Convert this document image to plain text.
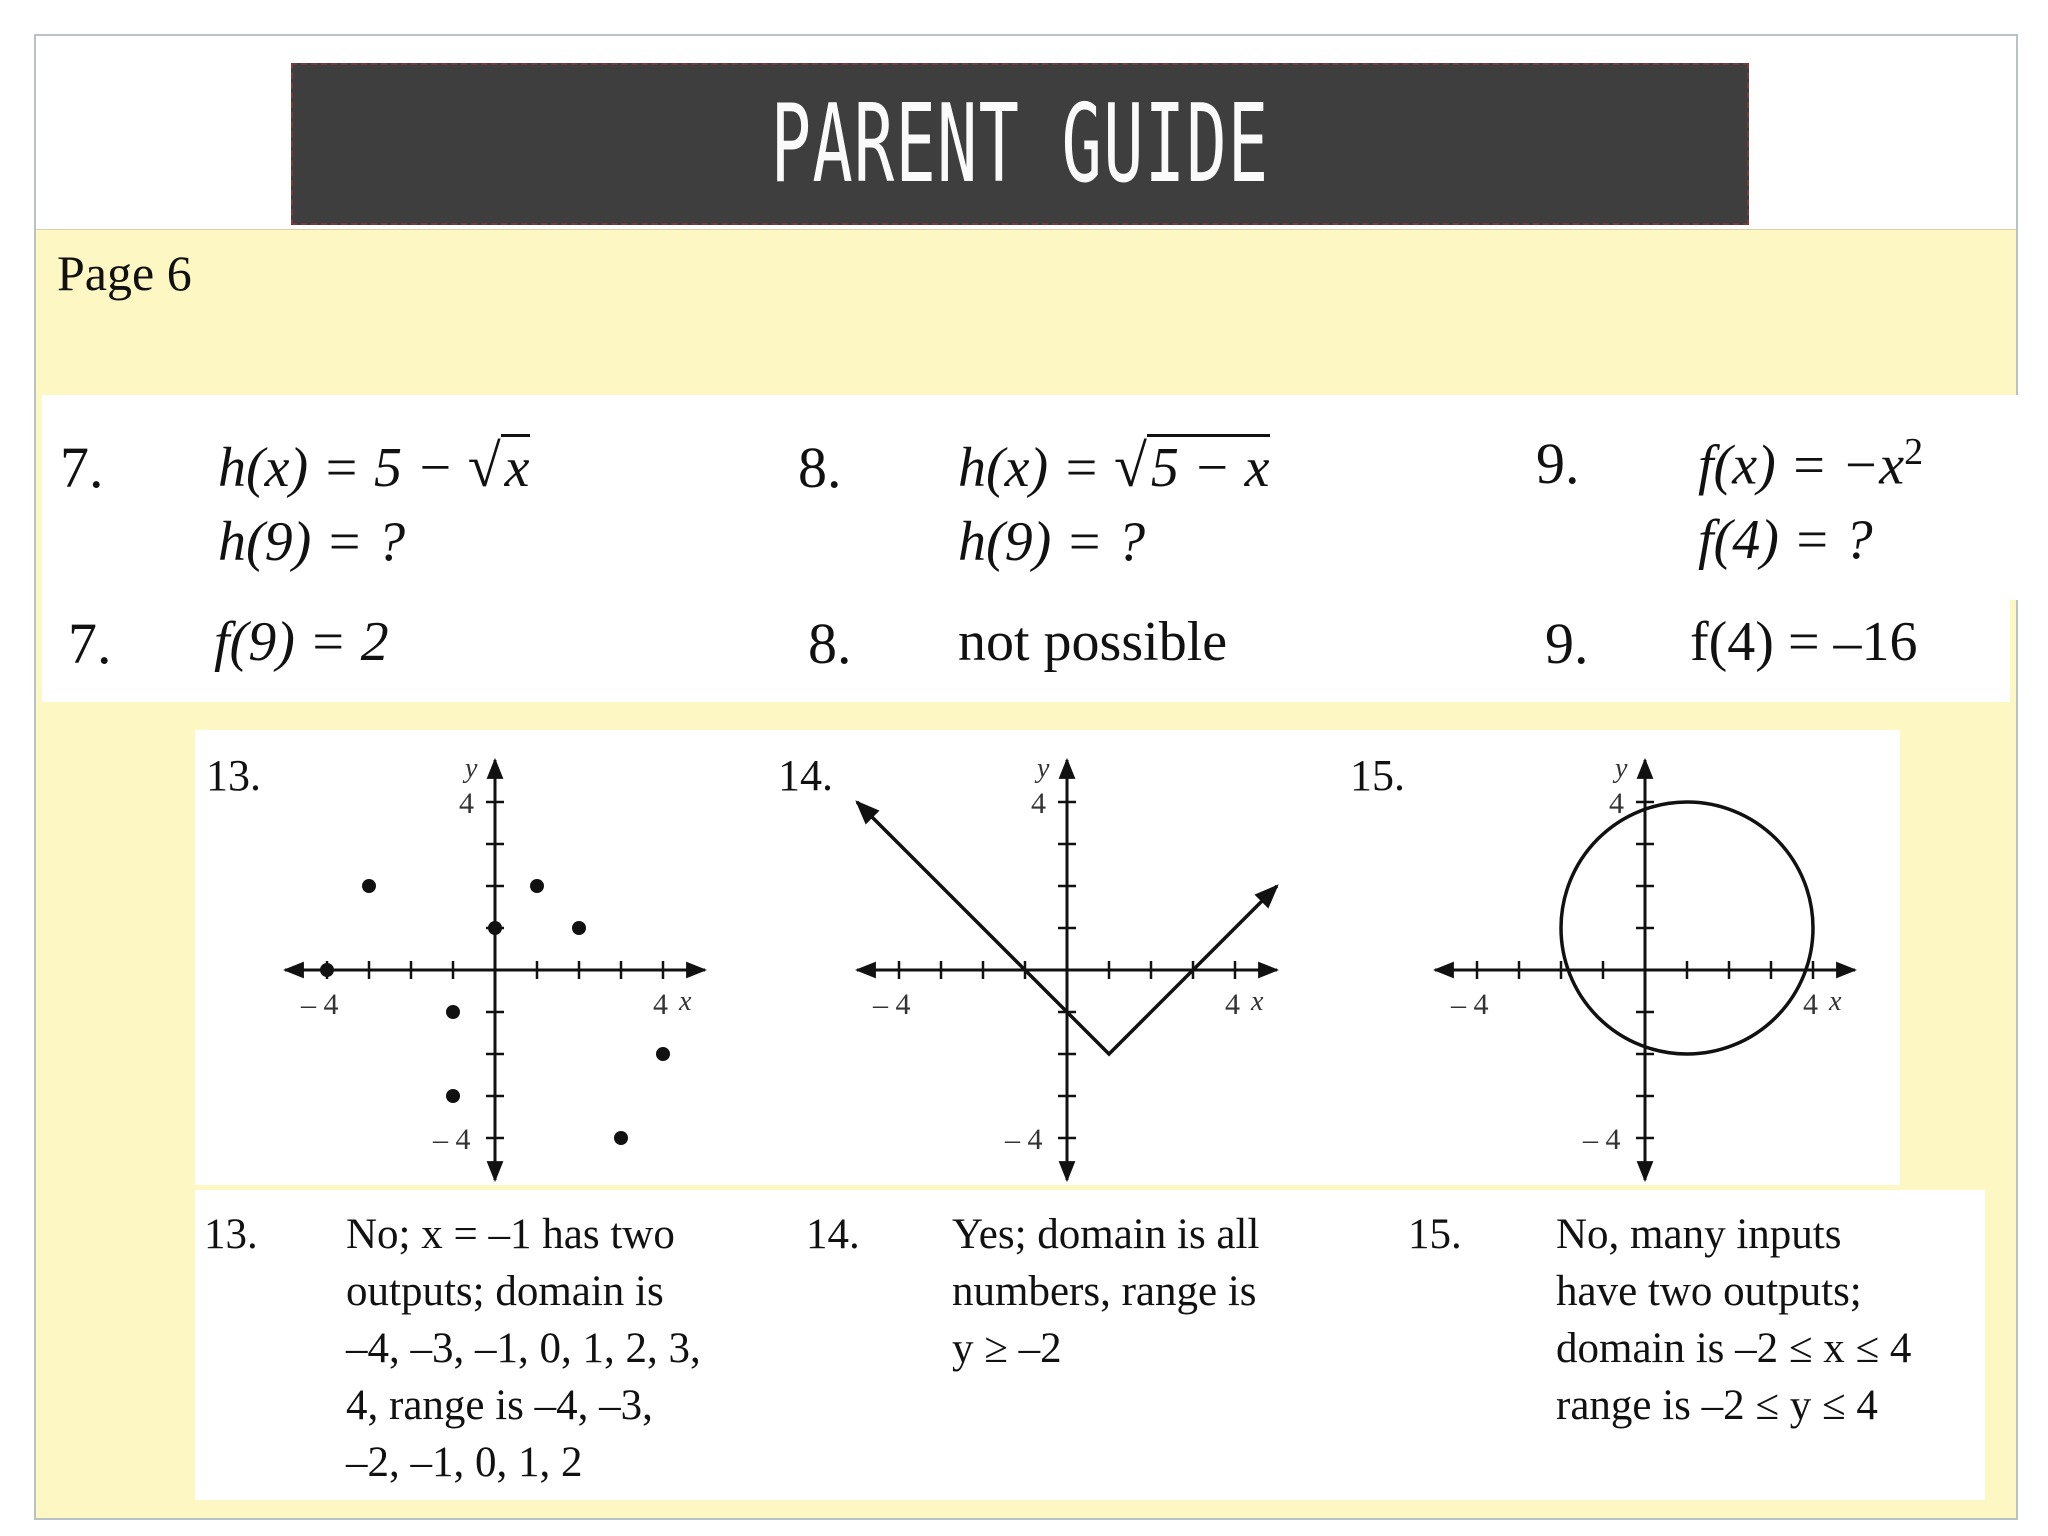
PARENT GUIDE
Page 6
7. h(x) = 5 − √x
h(9) = ?
8. h(x) = √5 − x
h(9) = ?
9. $f(x) = -x^2$
f(4) = ?
7. f(9) = 2	8. not possible	9. f(4) = –16
13.	14.	15.
y
4
– 4
– 4	4 x
y
4
– 4
– 4	4 x
y
4
– 4
– 4	4 x
13. No; x = –1 has two
outputs; domain is
–4, –3, –1, 0, 1, 2, 3,
4, range is –4, –3,
–2, –1, 0, 1, 2
14. Yes; domain is all
numbers, range is
y ≥ –2
15. No, many inputs
have two outputs;
domain is –2 ≤ x ≤ 4
range is –2 ≤ y ≤ 4
